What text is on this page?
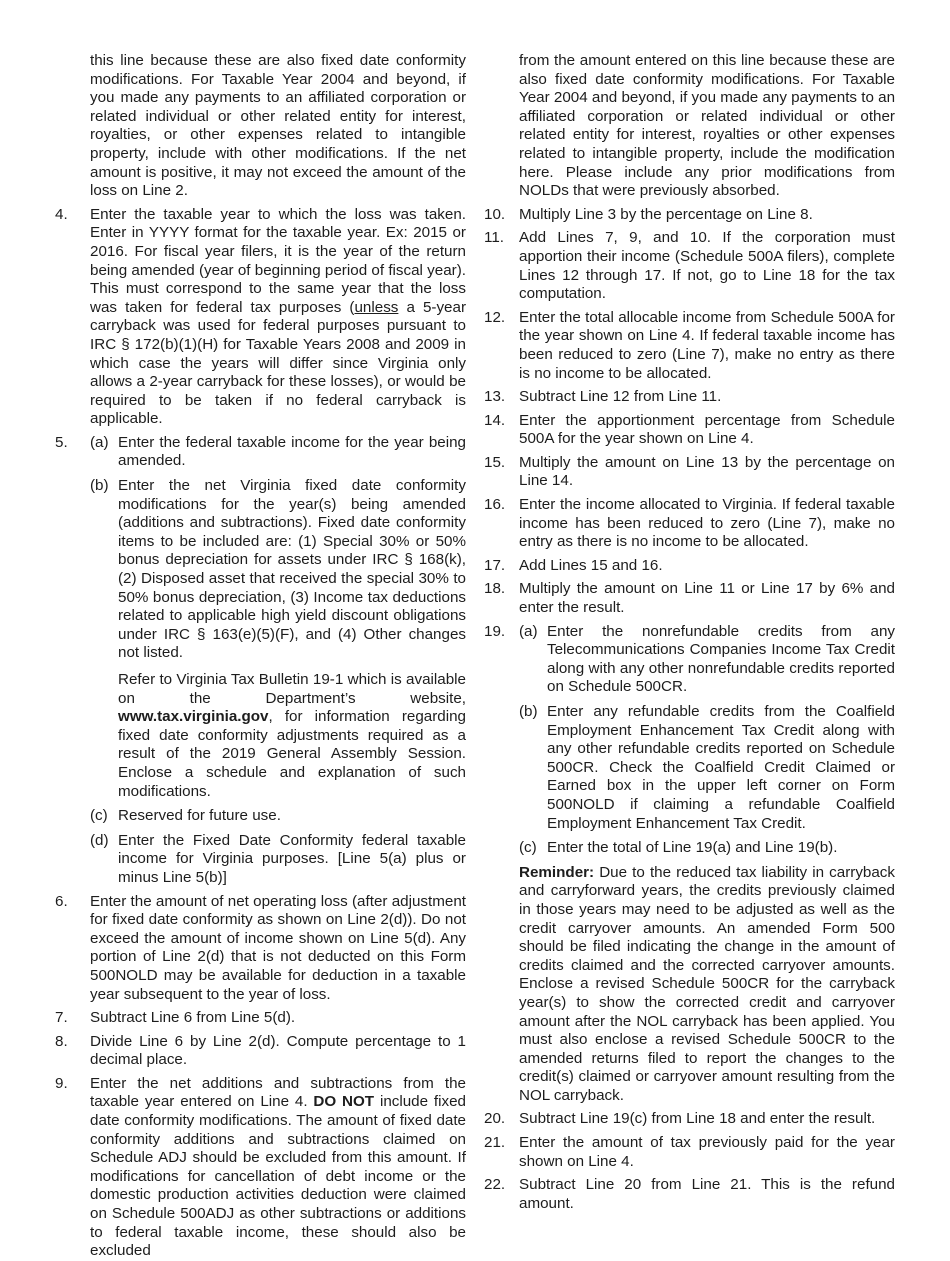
this line because these are also fixed date conformity modifications. For Taxable Year 2004 and beyond, if you made any payments to an affiliated corporation or related individual or other related entity for interest, royalties, or other expenses related to intangible property, include with other modifications. If the net amount is positive, it may not exceed the amount of the loss on Line 2.

4.	Enter the taxable year to which the loss was taken. Enter in YYYY format for the taxable year. Ex: 2015 or 2016. For fiscal year filers, it is the year of the return being amended (year of beginning period of fiscal year). This must correspond to the same year that the loss was taken for federal tax purposes (unless a 5-year carryback was used for federal purposes pursuant to IRC § 172(b)(1)(H) for Taxable Years 2008 and 2009 in which case the years will differ since Virginia only allows a 2-year carryback for these losses), or would be required to be taken if no federal carryback is applicable.

5.	(a) Enter the federal taxable income for the year being amended.

(b) Enter the net Virginia fixed date conformity modifications for the year(s) being amended (additions and subtractions). Fixed date conformity items to be included are: (1) Special 30% or 50% bonus depreciation for assets under IRC § 168(k), (2) Disposed asset that received the special 30% to 50% bonus depreciation, (3) Income tax deductions related to applicable high yield discount obligations under IRC § 163(e)(5)(F), and (4) Other changes not listed.

Refer to Virginia Tax Bulletin 19-1 which is available on the Department’s website, www.tax.virginia.gov, for information regarding fixed date conformity adjustments required as a result of the 2019 General Assembly Session. Enclose a schedule and explanation of such modifications.

(c) Reserved for future use.

(d) Enter the Fixed Date Conformity federal taxable income for Virginia purposes. [Line 5(a) plus or minus Line 5(b)]

6.	Enter the amount of net operating loss (after adjustment for fixed date conformity as shown on Line 2(d)). Do not exceed the amount of income shown on Line 5(d). Any portion of Line 2(d) that is not deducted on this Form 500NOLD may be available for deduction in a taxable year subsequent to the year of loss.

7.	Subtract Line 6 from Line 5(d).

8.	Divide Line 6 by Line 2(d). Compute percentage to 1 decimal place.

9.	Enter the net additions and subtractions from the taxable year entered on Line 4. DO NOT include fixed date conformity modifications. The amount of fixed date conformity additions and subtractions claimed on Schedule ADJ should be excluded from this amount. If modifications for cancellation of debt income or the domestic production activities deduction were claimed on Schedule 500ADJ as other subtractions or additions to federal taxable income, these should also be excluded

from the amount entered on this line because these are also fixed date conformity modifications. For Taxable Year 2004 and beyond, if you made any payments to an affiliated corporation or related individual or other related entity for interest, royalties or other expenses related to intangible property, include the modification here. Please include any prior modifications from NOLDs that were previously absorbed.

10. Multiply Line 3 by the percentage on Line 8.

11. Add Lines 7, 9, and 10. If the corporation must apportion their income (Schedule 500A filers), complete Lines 12 through 17. If not, go to Line 18 for the tax computation.

12. Enter the total allocable income from Schedule 500A for the year shown on Line 4. If federal taxable income has been reduced to zero (Line 7), make no entry as there is no income to be allocated.

13. Subtract Line 12 from Line 11.

14. Enter the apportionment percentage from Schedule 500A for the year shown on Line 4.

15. Multiply the amount on Line 13 by the percentage on Line 14.

16. Enter the income allocated to Virginia. If federal taxable income has been reduced to zero (Line 7), make no entry as there is no income to be allocated.

17. Add Lines 15 and 16.

18. Multiply the amount on Line 11 or Line 17 by 6% and enter the result.

19. (a) Enter the nonrefundable credits from any Telecommunications Companies Income Tax Credit along with any other nonrefundable credits reported on Schedule 500CR.

(b) Enter any refundable credits from the Coalfield Employment Enhancement Tax Credit along with any other refundable credits reported on Schedule 500CR. Check the Coalfield Credit Claimed or Earned box in the upper left corner on Form 500NOLD if claiming a refundable Coalfield Employment Enhancement Tax Credit.

(c) Enter the total of Line 19(a) and Line 19(b).

Reminder: Due to the reduced tax liability in carryback and carryforward years, the credits previously claimed in those years may need to be adjusted as well as the credit carryover amounts. An amended Form 500 should be filed indicating the change in the amount of credits claimed and the corrected carryover amounts. Enclose a revised Schedule 500CR for the carryback year(s) to show the corrected credit and carryover amount after the NOL carryback has been applied. You must also enclose a revised Schedule 500CR to the amended returns filed to report the changes to the credit(s) claimed or carryover amount resulting from the NOL carryback.

20. Subtract Line 19(c) from Line 18 and enter the result.

21. Enter the amount of tax previously paid for the year shown on Line 4.

22. Subtract Line 20 from Line 21. This is the refund amount.
